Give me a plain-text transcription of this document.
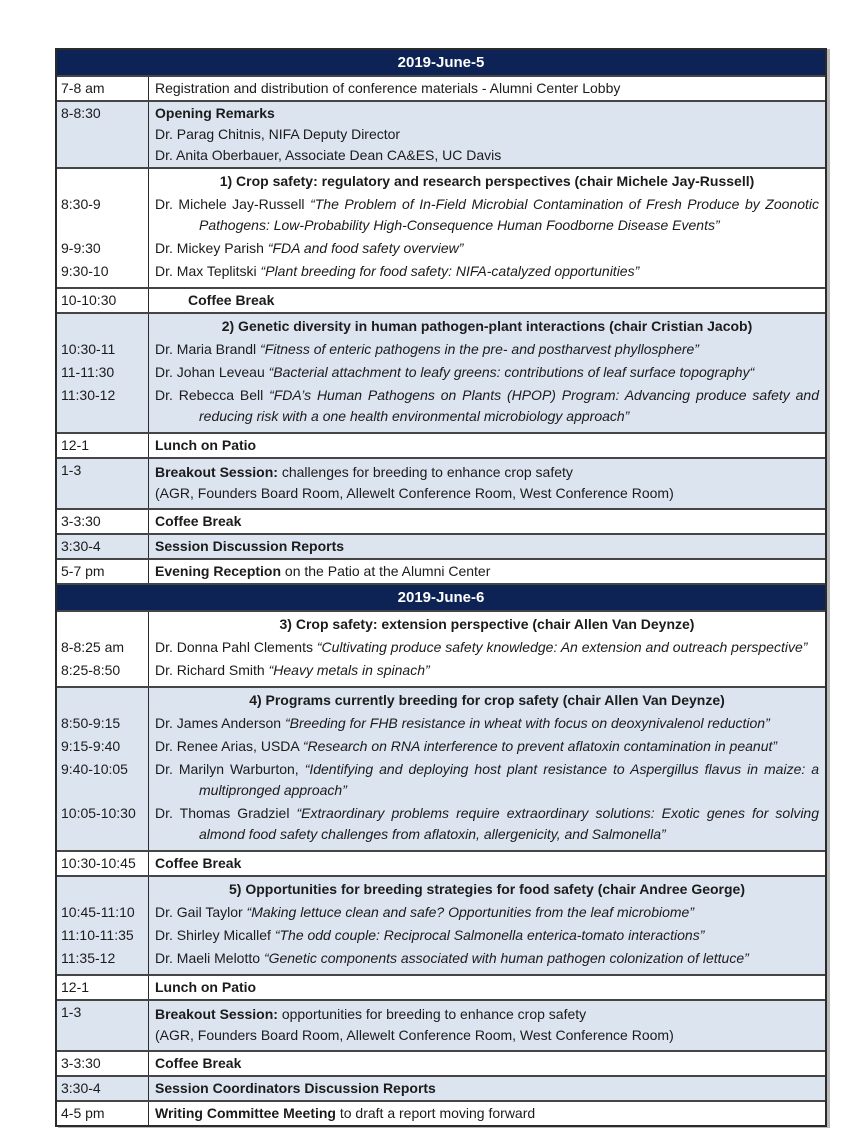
2019-June-5
7-8 am	Registration and distribution of conference materials - Alumni Center Lobby

8-8:30	Opening Remarks

Dr. Parag Chitnis, NIFA Deputy Director

Dr. Anita Oberbauer, Associate Dean CA&ES, UC Davis

1) Crop safety: regulatory and research perspectives (chair Michele Jay-Russell)

8:30-9	Dr. Michele Jay-Russell “The Problem of In-Field Microbial Contamination of Fresh Produce by Zoonotic Pathogens: Low-Probability High-Consequence Human Foodborne Disease Events”

9-9:30	Dr. Mickey Parish “FDA and food safety overview”

9:30-10	Dr. Max Teplitski “Plant breeding for food safety: NIFA-catalyzed opportunities”

10-10:30	Coffee Break

2) Genetic diversity in human pathogen-plant interactions (chair Cristian Jacob)

10:30-11	Dr. Maria Brandl “Fitness of enteric pathogens in the pre- and postharvest phyllosphere”

11-11:30	Dr. Johan Leveau “Bacterial attachment to leafy greens: contributions of leaf surface topography“

11:30-12	Dr. Rebecca Bell “FDA’s Human Pathogens on Plants (HPOP) Program: Advancing produce safety and reducing risk with a one health environmental microbiology approach”

12-1	Lunch on Patio

1-3	Breakout Session: challenges for breeding to enhance crop safety

(AGR, Founders Board Room, Allewelt Conference Room, West Conference Room)

3-3:30	Coffee Break

3:30-4	Session Discussion Reports

5-7 pm	Evening Reception on the Patio at the Alumni Center

2019-June-6

3) Crop safety: extension perspective (chair Allen Van Deynze)

8-8:25 am	Dr. Donna Pahl Clements “Cultivating produce safety knowledge: An extension and outreach perspective”

8:25-8:50	Dr. Richard Smith “Heavy metals in spinach”

4) Programs currently breeding for crop safety (chair Allen Van Deynze)

8:50-9:15	Dr. James Anderson “Breeding for FHB resistance in wheat with focus on deoxynivalenol reduction”

9:15-9:40	Dr. Renee Arias, USDA “Research on RNA interference to prevent aflatoxin contamination in peanut”

9:40-10:05	Dr. Marilyn Warburton, “Identifying and deploying host plant resistance to Aspergillus flavus in maize: a multipronged approach”

10:05-10:30	Dr. Thomas Gradziel “Extraordinary problems require extraordinary solutions: Exotic genes for solving almond food safety challenges from aflatoxin, allergenicity, and Salmonella”

10:30-10:45	Coffee Break

5) Opportunities for breeding strategies for food safety (chair Andree George)

10:45-11:10	Dr. Gail Taylor “Making lettuce clean and safe? Opportunities from the leaf microbiome”

11:10-11:35	Dr. Shirley Micallef “The odd couple: Reciprocal Salmonella enterica-tomato interactions”

11:35-12	Dr. Maeli Melotto “Genetic components associated with human pathogen colonization of lettuce”

12-1	Lunch on Patio

1-3	Breakout Session: opportunities for breeding to enhance crop safety

(AGR, Founders Board Room, Allewelt Conference Room, West Conference Room)

3-3:30	Coffee Break

3:30-4	Session Coordinators Discussion Reports

4-5 pm	Writing Committee Meeting to draft a report moving forward
